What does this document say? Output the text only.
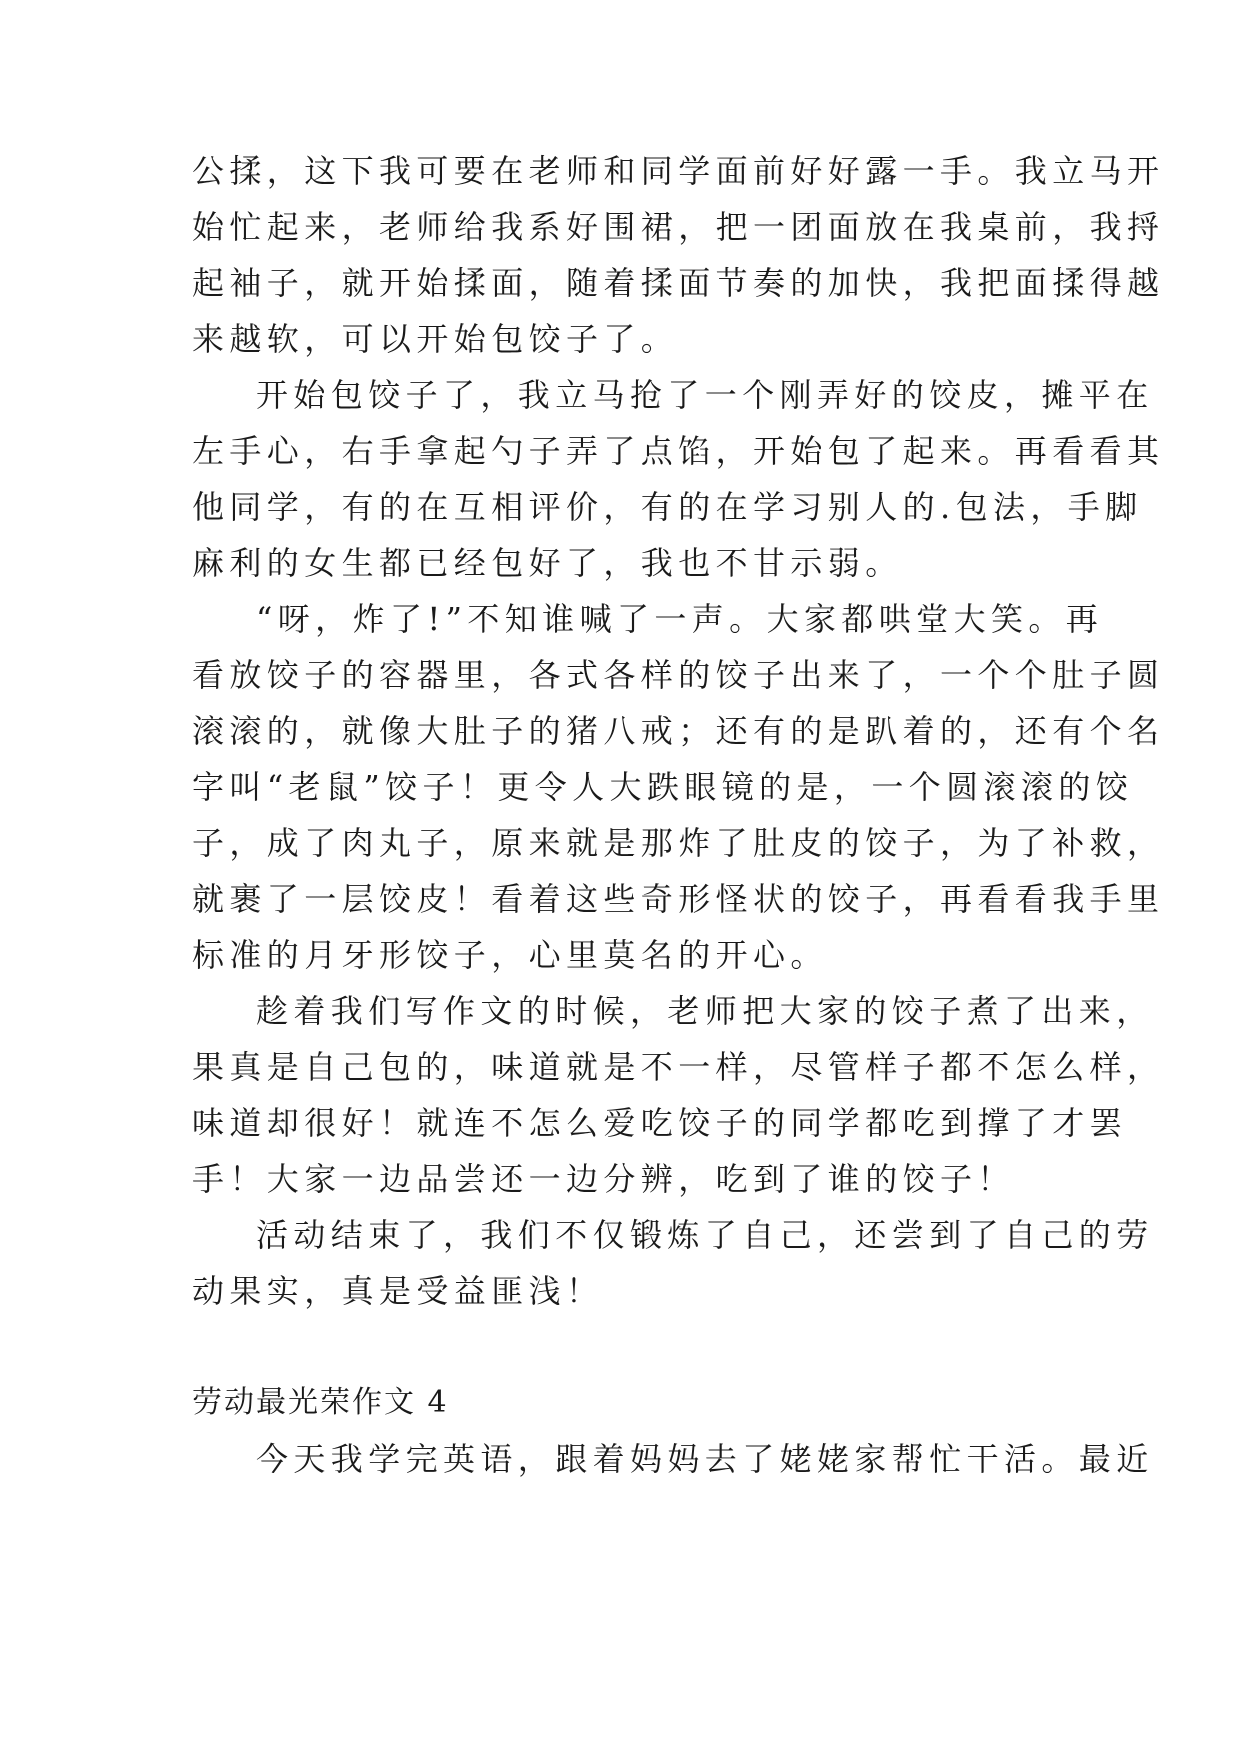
公揉，这下我可要在老师和同学面前好好露一手。我立马开
始忙起来，老师给我系好围裙，把一团面放在我桌前，我捋
起袖子，就开始揉面，随着揉面节奏的加快，我把面揉得越
来越软，可以开始包饺子了。
开始包饺子了，我立马抢了一个刚弄好的饺皮，摊平在
左手心，右手拿起勺子弄了点馅，开始包了起来。再看看其
他同学，有的在互相评价，有的在学习别人的.包法，手脚
麻利的女生都已经包好了，我也不甘示弱。
“呀，炸了!”不知谁喊了一声。大家都哄堂大笑。再
看放饺子的容器里，各式各样的饺子出来了，一个个肚子圆
滚滚的，就像大肚子的猪八戒；还有的是趴着的，还有个名
字叫“老鼠”饺子！更令人大跌眼镜的是，一个圆滚滚的饺
子，成了肉丸子，原来就是那炸了肚皮的饺子，为了补救，
就裹了一层饺皮！看着这些奇形怪状的饺子，再看看我手里
标准的月牙形饺子，心里莫名的开心。
趁着我们写作文的时候，老师把大家的饺子煮了出来，
果真是自己包的，味道就是不一样，尽管样子都不怎么样，
味道却很好！就连不怎么爱吃饺子的同学都吃到撑了才罢
手！大家一边品尝还一边分辨，吃到了谁的饺子！
活动结束了，我们不仅锻炼了自己，还尝到了自己的劳
动果实，真是受益匪浅！
劳动最光荣作文 4
今天我学完英语，跟着妈妈去了姥姥家帮忙干活。最近
